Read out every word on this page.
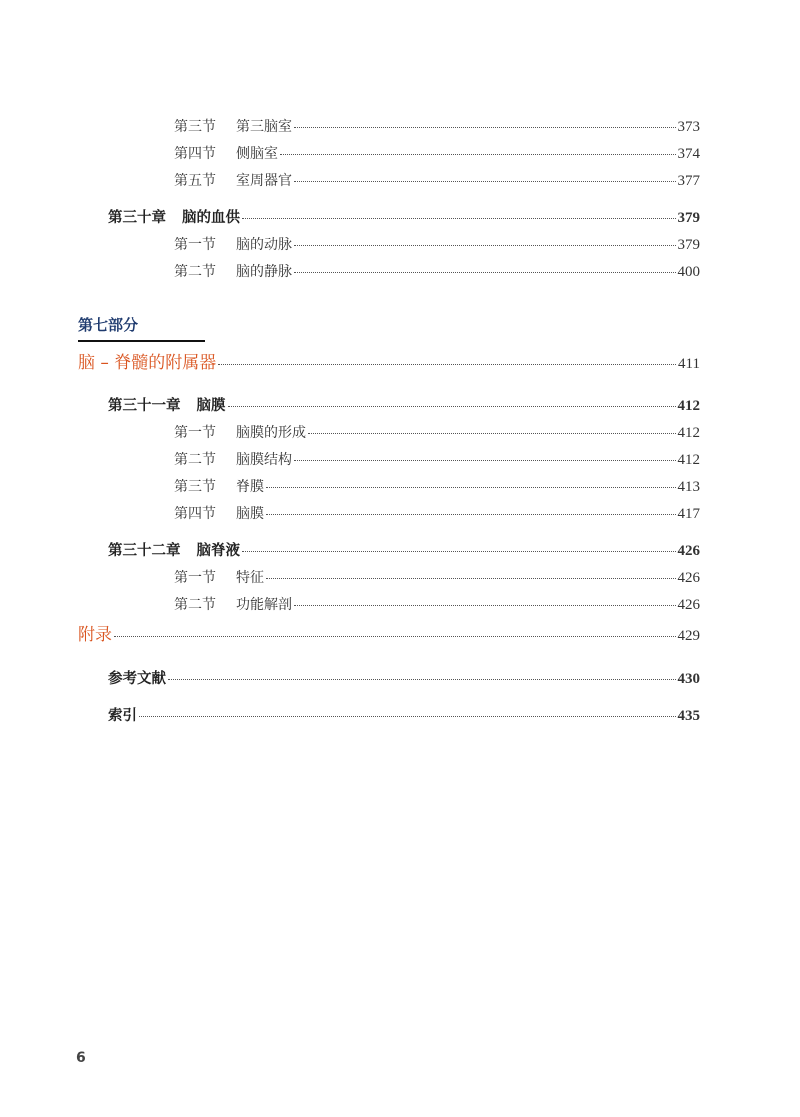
第三节 第三脑室	373
第四节 侧脑室	374
第五节 室周器官	377
第三十章 脑的血供	379
第一节 脑的动脉	379
第二节 脑的静脉	400
第七部分
脑 – 脊髓的附属器	411
第三十一章 脑膜	412
第一节 脑膜的形成	412
第二节 脑膜结构	412
第三节 脊膜	413
第四节 脑膜	417
第三十二章 脑脊液	426
第一节 特征	426
第二节 功能解剖	426
附录	429
参考文献	430
索引	435
6
